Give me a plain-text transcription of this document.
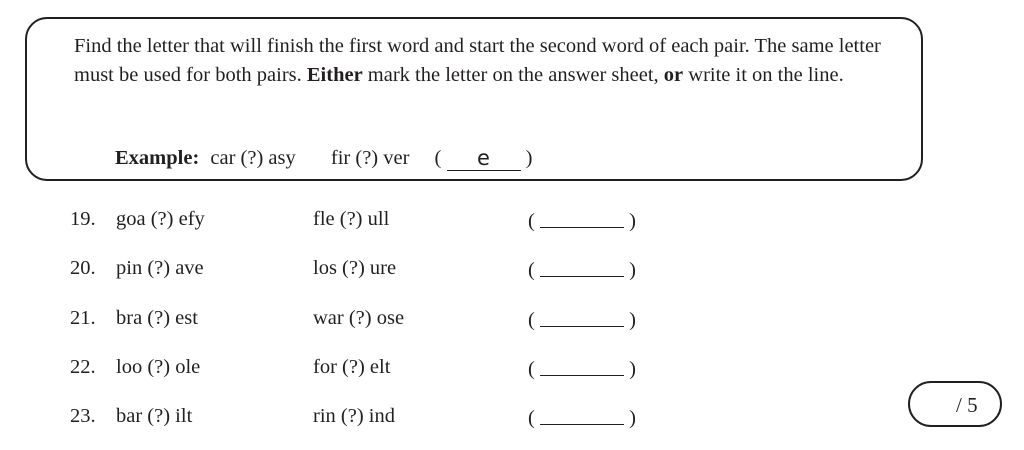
Find the letter that will finish the first word and start the second word of each pair. The same letter must be used for both pairs. Either mark the letter on the answer sheet, or write it on the line.
Example: car (?) asy fir (?) ver ( e )
19. goa (?) efy	fle (?) ull	(	)
20. pin (?) ave	los (?) ure	(	)
21. bra (?) est	war (?) ose	(	)
22. loo (?) ole	for (?) elt	(	)
23. bar (?) ilt	rin (?) ind	(	)
/ 5
